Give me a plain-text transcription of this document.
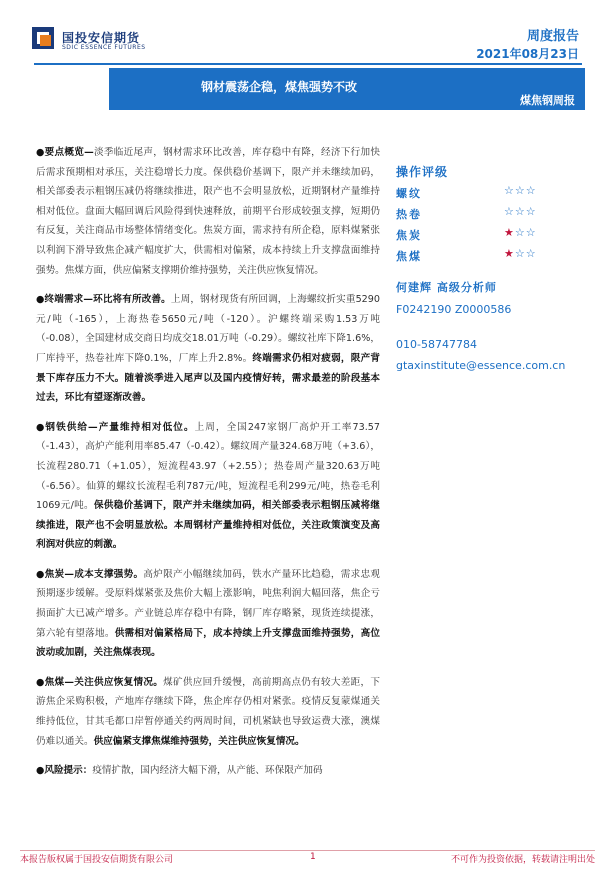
国投安信期货
SDIC ESSENCE FUTURES
周度报告
2021年08月23日
钢材震荡企稳，煤焦强势不改
煤焦钢周报

●要点概览—淡季临近尾声，钢材需求环比改善，库存稳中有降，经济下行加快后需求预期相对承压，关注稳增长力度。保供稳价基调下，限产并未继续加码，相关部委表示粗钢压减仍将继续推进，限产也不会明显放松，近期钢材产量维持相对低位。盘面大幅回调后风险得到快速释放，前期平台形成较强支撑，短期仍有反复，关注商品市场整体情绪变化。焦炭方面，需求持有所企稳，原料煤紧张以利润下滑导致焦企减产幅度扩大，供需相对偏紧，成本持续上升支撑盘面维持强势。焦煤方面，供应偏紧支撑期价维持强势，关注供应恢复情况。

●终端需求—环比将有所改善。上周，钢材现货有所回调，上海螺纹折实重5290元/吨（-165），上海热卷5650元/吨（-120）。沪螺终端采购1.53万吨（-0.08），全国建材成交商日均成交18.01万吨（-0.29）。螺纹社库下降1.6%，厂库持平，热卷社库下降0.1%，厂库上升2.8%。终端需求仍相对疲弱，限产背景下库存压力不大。随着淡季进入尾声以及国内疫情好转，需求最差的阶段基本过去，环比有望逐渐改善。

●钢铁供给—产量维持相对低位。上周，全国247家钢厂高炉开工率73.57（-1.43），高炉产能利用率85.47（-0.42）。螺纹周产量324.68万吨（+3.6），长流程280.71（+1.05），短流程43.97（+2.55）；热卷周产量320.63万吨（-6.56）。仙算的螺纹长流程毛利787元/吨，短流程毛利299元/吨，热卷毛利1069元/吨。保供稳价基调下，限产并未继续加码，相关部委表示粗钢压减将继续推进，限产也不会明显放松。本周钢材产量维持相对低位，关注政策演变及高利润对供应的刺激。

●焦炭—成本支撑强势。高炉限产小幅继续加码，铁水产量环比趋稳，需求忠观预期逐步缓解。受原料煤紧张及焦价大幅上涨影响，吨焦利润大幅回落，焦企亏损面扩大已减产增多。产业链总库存稳中有降，钢厂库存略紧，现货连续提涨，第六轮有望落地。供需相对偏紧格局下，成本持续上升支撑盘面维持强势，高位波动或加剧，关注焦煤表现。

●焦煤—关注供应恢复情况。煤矿供应回升缓慢，高前期高点仍有较大差距，下游焦企采购积极，产地库存继续下降，焦企库存仍相对紧张。疫情反复蒙煤通关维持低位，甘其毛都口岸暂停通关约两周时间，司机紧缺也导致运费大涨，澳煤仍难以通关。供应偏紧支撑焦煤维持强势，关注供应恢复情况。

●风险提示：疫情扩散，国内经济大幅下滑，从产能、环保限产加码

操作评级
螺纹	☆☆☆
热卷	☆☆☆
焦炭	★☆☆
焦煤	★☆☆
何建辉 高级分析师
F0242190 Z0000586
010-58747784
gtaxinstitute@essence.com.cn
本报告版权属于国投安信期货有限公司	1	不可作为投资依据，转载请注明出处
